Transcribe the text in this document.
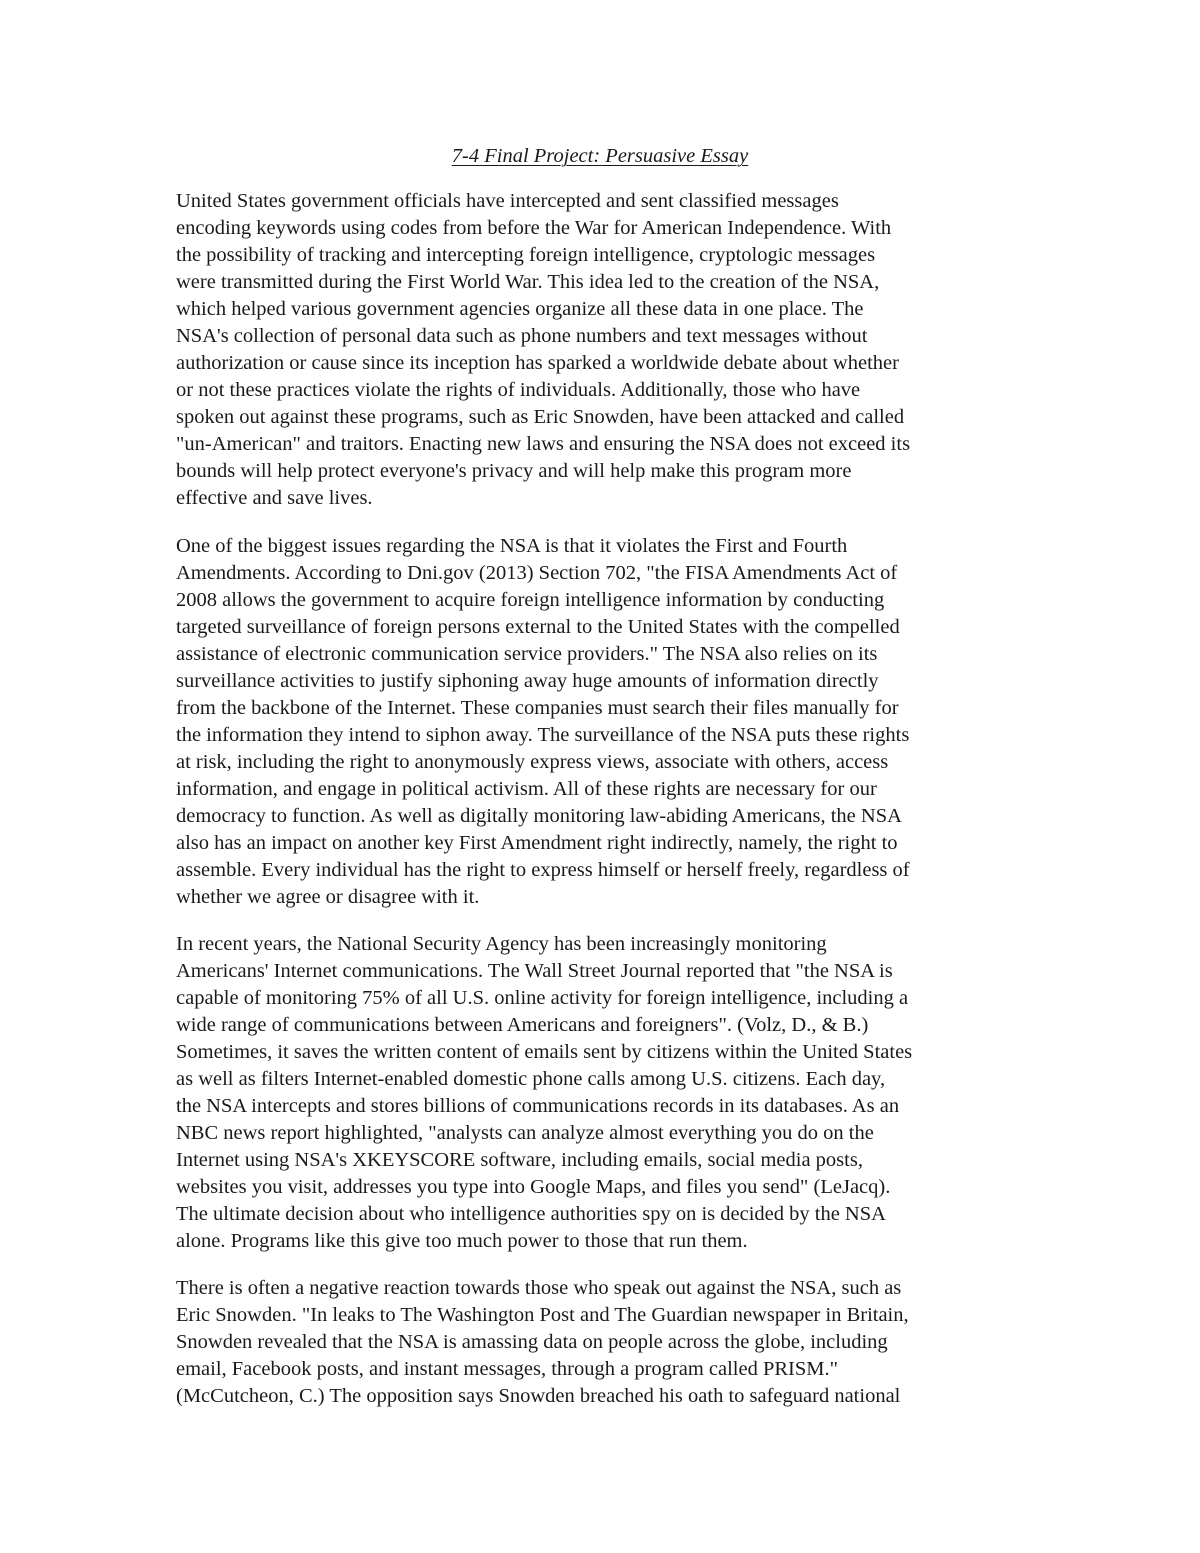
7-4 Final Project: Persuasive Essay

United States government officials have intercepted and sent classified messages
encoding keywords using codes from before the War for American Independence. With
the possibility of tracking and intercepting foreign intelligence, cryptologic messages
were transmitted during the First World War. This idea led to the creation of the NSA,
which helped various government agencies organize all these data in one place. The
NSA's collection of personal data such as phone numbers and text messages without
authorization or cause since its inception has sparked a worldwide debate about whether
or not these practices violate the rights of individuals. Additionally, those who have
spoken out against these programs, such as Eric Snowden, have been attacked and called
"un-American" and traitors. Enacting new laws and ensuring the NSA does not exceed its
bounds will help protect everyone's privacy and will help make this program more
effective and save lives.

One of the biggest issues regarding the NSA is that it violates the First and Fourth
Amendments. According to Dni.gov (2013) Section 702, "the FISA Amendments Act of
2008 allows the government to acquire foreign intelligence information by conducting
targeted surveillance of foreign persons external to the United States with the compelled
assistance of electronic communication service providers." The NSA also relies on its
surveillance activities to justify siphoning away huge amounts of information directly
from the backbone of the Internet. These companies must search their files manually for
the information they intend to siphon away. The surveillance of the NSA puts these rights
at risk, including the right to anonymously express views, associate with others, access
information, and engage in political activism. All of these rights are necessary for our
democracy to function. As well as digitally monitoring law-abiding Americans, the NSA
also has an impact on another key First Amendment right indirectly, namely, the right to
assemble. Every individual has the right to express himself or herself freely, regardless of
whether we agree or disagree with it.

In recent years, the National Security Agency has been increasingly monitoring
Americans' Internet communications. The Wall Street Journal reported that "the NSA is
capable of monitoring 75% of all U.S. online activity for foreign intelligence, including a
wide range of communications between Americans and foreigners". (Volz, D., & B.)
Sometimes, it saves the written content of emails sent by citizens within the United States
as well as filters Internet-enabled domestic phone calls among U.S. citizens. Each day,
the NSA intercepts and stores billions of communications records in its databases. As an
NBC news report highlighted, "analysts can analyze almost everything you do on the
Internet using NSA's XKEYSCORE software, including emails, social media posts,
websites you visit, addresses you type into Google Maps, and files you send" (LeJacq).
The ultimate decision about who intelligence authorities spy on is decided by the NSA
alone. Programs like this give too much power to those that run them.

There is often a negative reaction towards those who speak out against the NSA, such as
Eric Snowden. "In leaks to The Washington Post and The Guardian newspaper in Britain,
Snowden revealed that the NSA is amassing data on people across the globe, including
email, Facebook posts, and instant messages, through a program called PRISM."
(McCutcheon, C.) The opposition says Snowden breached his oath to safeguard national
